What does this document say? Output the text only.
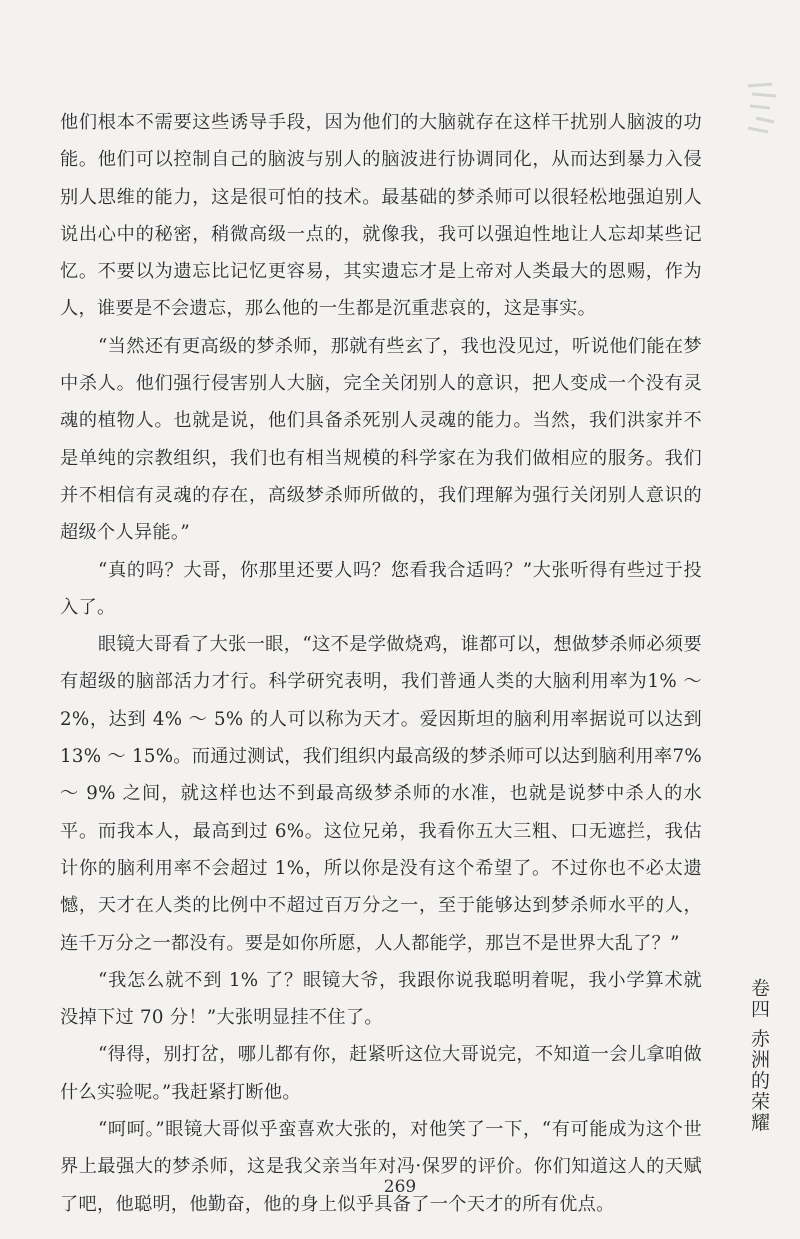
他们根本不需要这些诱导手段，因为他们的大脑就存在这样干扰别人脑波的功能。他们可以控制自己的脑波与别人的脑波进行协调同化，从而达到暴力入侵别人思维的能力，这是很可怕的技术。最基础的梦杀师可以很轻松地强迫别人说出心中的秘密，稍微高级一点的，就像我，我可以强迫性地让人忘却某些记忆。不要以为遗忘比记忆更容易，其实遗忘才是上帝对人类最大的恩赐，作为人，谁要是不会遗忘，那么他的一生都是沉重悲哀的，这是事实。

“当然还有更高级的梦杀师，那就有些玄了，我也没见过，听说他们能在梦中杀人。他们强行侵害别人大脑，完全关闭别人的意识，把人变成一个没有灵魂的植物人。也就是说，他们具备杀死别人灵魂的能力。当然，我们洪家并不是单纯的宗教组织，我们也有相当规模的科学家在为我们做相应的服务。我们并不相信有灵魂的存在，高级梦杀师所做的，我们理解为强行关闭别人意识的超级个人异能。”

“真的吗？大哥，你那里还要人吗？您看我合适吗？”大张听得有些过于投入了。

眼镜大哥看了大张一眼，“这不是学做烧鸡，谁都可以，想做梦杀师必须要有超级的脑部活力才行。科学研究表明，我们普通人类的大脑利用率为1% ～ 2%，达到 4% ～ 5% 的人可以称为天才。爱因斯坦的脑利用率据说可以达到 13% ～ 15%。而通过测试，我们组织内最高级的梦杀师可以达到脑利用率7% ～ 9% 之间，就这样也达不到最高级梦杀师的水准，也就是说梦中杀人的水平。而我本人，最高到过 6%。这位兄弟，我看你五大三粗、口无遮拦，我估计你的脑利用率不会超过 1%，所以你是没有这个希望了。不过你也不必太遗憾，天才在人类的比例中不超过百万分之一，至于能够达到梦杀师水平的人，连千万分之一都没有。要是如你所愿，人人都能学，那岂不是世界大乱了？”

“我怎么就不到 1% 了？眼镜大爷，我跟你说我聪明着呢，我小学算术就没掉下过 70 分！”大张明显挂不住了。

“得得，别打岔，哪儿都有你，赶紧听这位大哥说完，不知道一会儿拿咱做什么实验呢。”我赶紧打断他。

“呵呵。”眼镜大哥似乎蛮喜欢大张的，对他笑了一下，“有可能成为这个世界上最强大的梦杀师，这是我父亲当年对冯·保罗的评价。你们知道这人的天赋了吧，他聪明，他勤奋，他的身上似乎具备了一个天才的所有优点。

卷四 赤洲的荣耀
269
